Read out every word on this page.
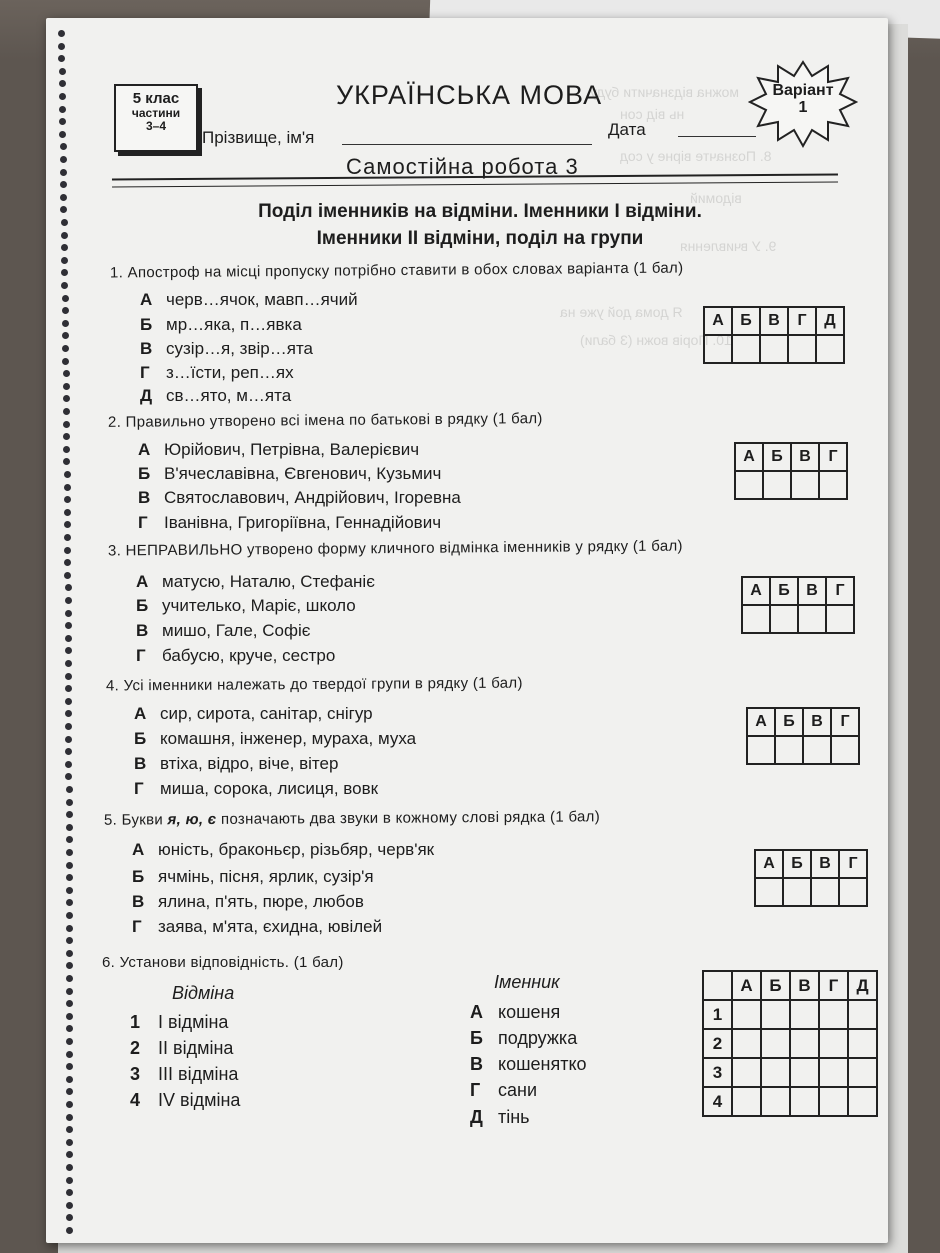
5 клас
частини
3–4
УКРАЇНСЬКА МОВА
Прізвище, ім'я	Дата
Варіант
1
Самостійна робота 3
Поділ іменників на відміни. Іменники І відміни.
Іменники ІІ відміни, поділ на групи
можна відзначити буду
нь від сон
8. Позначте вірне у сод
відомий
9. У вчивлення
Я дома дой уже на
10. Порів вожн (3 бали)
1. Апостроф на місці пропуску потрібно ставити в обох словах варіанта (1 бал)
А черв…ячок, мавп…ячий
Б мр…яка, п…явка
В сузір…я, звір…ята
Г з…їсти, реп…ях
Д св…ято, м…ята
А	Б	В	Г	Д

2. Правильно утворено всі імена по батькові в рядку (1 бал)
А Юрійович, Петрівна, Валерієвич
Б В'ячеславівна, Євгенович, Кузьмич
В Святославович, Андрійович, Ігоревна
Г Іванівна, Григоріївна, Геннадійович
А	Б	В	Г

3. НЕПРАВИЛЬНО утворено форму кличного відмінка іменників у рядку (1 бал)
А матусю, Наталю, Стефаніє
Б учителько, Маріє, школо
В мишо, Гале, Софіє
Г бабусю, круче, сестро
А	Б	В	Г

4. Усі іменники належать до твердої групи в рядку (1 бал)
А сир, сирота, санітар, снігур
Б комашня, інженер, мураха, муха
В втіха, відро, віче, вітер
Г миша, сорока, лисиця, вовк
А	Б	В	Г

5. Букви я, ю, є позначають два звуки в кожному слові рядка (1 бал)
А юність, браконьєр, різьбяр, черв'як
Б ячмінь, пісня, ярлик, сузір'я
В ялина, п'ять, пюре, любов
Г заява, м'ята, єхидна, ювілей
А	Б	В	Г

6. Установи відповідність. (1 бал)
Відміна
Іменник
1 І відміна
2 ІІ відміна
3 ІІІ відміна
4 ІV відміна
А кошеня
Б подружка
В кошенятко
Г сани
Д тінь
	А	Б	В	Г	Д
1					
2					
3					
4					
